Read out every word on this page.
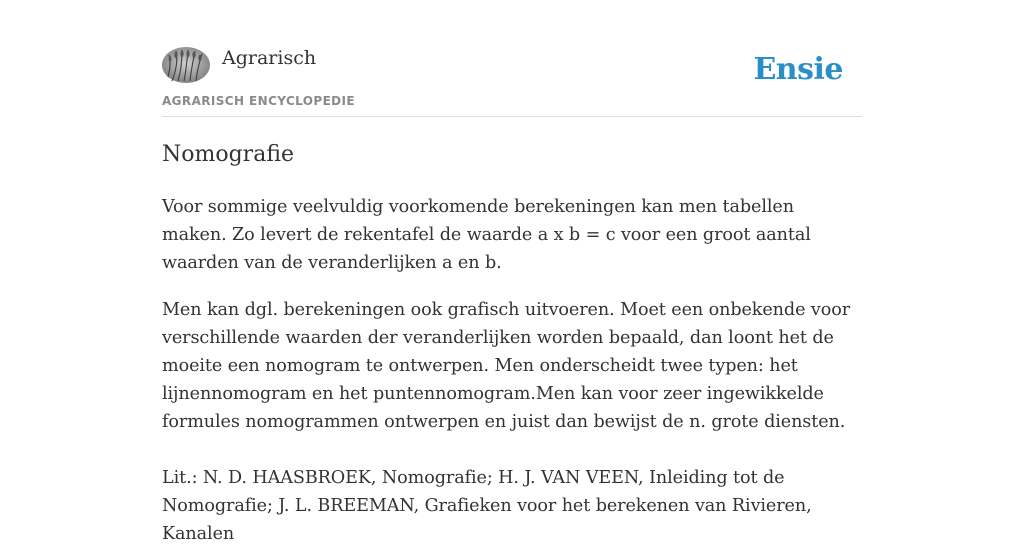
Agrarisch
AGRARISCH ENCYCLOPEDIE
Ensie
Nomografie

Voor sommige veelvuldig voorkomende berekeningen kan men tabellen maken. Zo levert de rekentafel de waarde a x b = c voor een groot aantal waarden van de veranderlijken a en b.

Men kan dgl. berekeningen ook grafisch uitvoeren. Moet een onbekende voor verschillende waarden der veranderlijken worden bepaald, dan loont het de moeite een nomogram te ontwerpen. Men onderscheidt twee typen: het lijnennomogram en het puntennomogram.Men kan voor zeer ingewikkelde formules nomogrammen ontwerpen en juist dan bewijst de n. grote diensten.

Lit.: N. D. HAASBROEK, Nomografie; H. J. VAN VEEN, Inleiding tot de Nomografie; J. L. BREEMAN, Grafieken voor het berekenen van Rivieren, Kanalen
